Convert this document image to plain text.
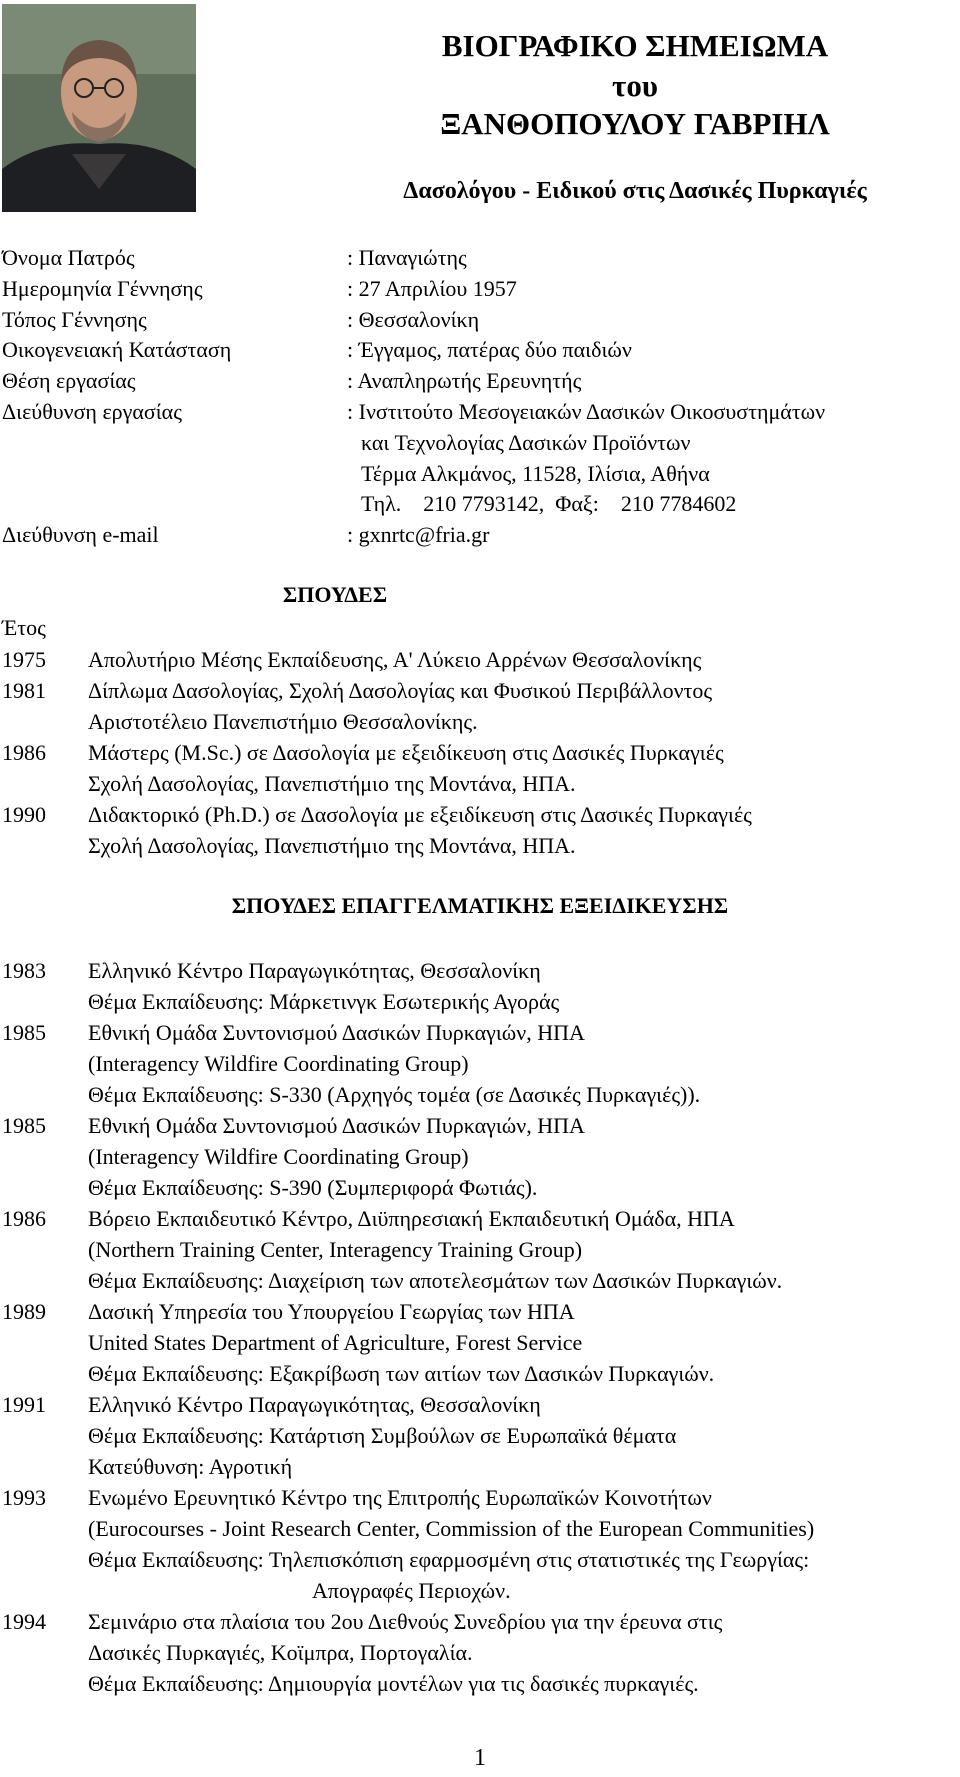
ΒΙΟΓΡΑΦΙΚΟ ΣΗΜΕΙΩΜΑ
του
ΞΑΝΘΟΠΟΥΛΟΥ ΓΑΒΡΙΗΛ
Δασολόγου - Ειδικού στις Δασικές Πυρκαγιές
Όνομα Πατρός	: Παναγιώτης
Ημερομηνία Γέννησης	: 27 Απριλίου 1957
Τόπος Γέννησης	: Θεσσαλονίκη
Οικογενειακή Κατάσταση	: Έγγαμος, πατέρας δύο παιδιών
Θέση εργασίας	: Αναπληρωτής Ερευνητής
Διεύθυνση εργασίας	: Ινστιτούτο Μεσογειακών Δασικών Οικοσυστημάτων
και Τεχνολογίας Δασικών Προϊόντων
Τέρμα Αλκμάνος, 11528, Ιλίσια, Αθήνα
Τηλ.    210 7793142,  Φαξ:    210 7784602
Διεύθυνση e-mail	: gxnrtc@fria.gr
ΣΠΟΥΔΕΣ
Έτος
1975	Απολυτήριο Μέσης Εκπαίδευσης, Α' Λύκειο Αρρένων Θεσσαλονίκης
1981	Δίπλωμα Δασολογίας, Σχολή Δασολογίας και Φυσικού Περιβάλλοντος
Αριστοτέλειο Πανεπιστήμιο Θεσσαλονίκης.
1986	Μάστερς (M.Sc.) σε Δασολογία με εξειδίκευση στις Δασικές Πυρκαγιές
Σχολή Δασολογίας, Πανεπιστήμιο της Μοντάνα, ΗΠΑ.
1990	Διδακτορικό (Ph.D.) σε Δασολογία με εξειδίκευση στις Δασικές Πυρκαγιές
Σχολή Δασολογίας, Πανεπιστήμιο της Μοντάνα, ΗΠΑ.
ΣΠΟΥΔΕΣ ΕΠΑΓΓΕΛΜΑΤΙΚΗΣ ΕΞΕΙΔΙΚΕΥΣΗΣ
1983	Ελληνικό Κέντρο Παραγωγικότητας, Θεσσαλονίκη
Θέμα Εκπαίδευσης: Μάρκετινγκ Εσωτερικής Αγοράς
1985	Εθνική Ομάδα Συντονισμού Δασικών Πυρκαγιών, ΗΠΑ
(Interagency Wildfire Coordinating Group)
Θέμα Εκπαίδευσης: S-330 (Αρχηγός τομέα (σε Δασικές Πυρκαγιές)).
1985	Εθνική Ομάδα Συντονισμού Δασικών Πυρκαγιών, ΗΠΑ
(Interagency Wildfire Coordinating Group)
Θέμα Εκπαίδευσης: S-390 (Συμπεριφορά Φωτιάς).
1986	Βόρειο Εκπαιδευτικό Κέντρο, Διϋπηρεσιακή Εκπαιδευτική Ομάδα, ΗΠΑ
(Northern Training Center, Interagency Training Group)
Θέμα Εκπαίδευσης: Διαχείριση των αποτελεσμάτων των Δασικών Πυρκαγιών.
1989	Δασική Υπηρεσία του Υπουργείου Γεωργίας των ΗΠΑ
United States Department of Agriculture, Forest Service
Θέμα Εκπαίδευσης: Εξακρίβωση των αιτίων των Δασικών Πυρκαγιών.
1991	Ελληνικό Κέντρο Παραγωγικότητας, Θεσσαλονίκη
Θέμα Εκπαίδευσης: Κατάρτιση Συμβούλων σε Ευρωπαϊκά θέματα
Κατεύθυνση: Αγροτική
1993	Ενωμένο Ερευνητικό Κέντρο της Επιτροπής Ευρωπαϊκών Κοινοτήτων
(Eurocourses - Joint Research Center, Commission of the European Communities)
Θέμα Εκπαίδευσης: Τηλεπισκόπιση εφαρμοσμένη στις στατιστικές της Γεωργίας:
Απογραφές Περιοχών.
1994	Σεμινάριο στα πλαίσια του 2ου Διεθνούς Συνεδρίου για την έρευνα στις
Δασικές Πυρκαγιές, Κοϊμπρα, Πορτογαλία.
Θέμα Εκπαίδευσης: Δημιουργία μοντέλων για τις δασικές πυρκαγιές.
1
